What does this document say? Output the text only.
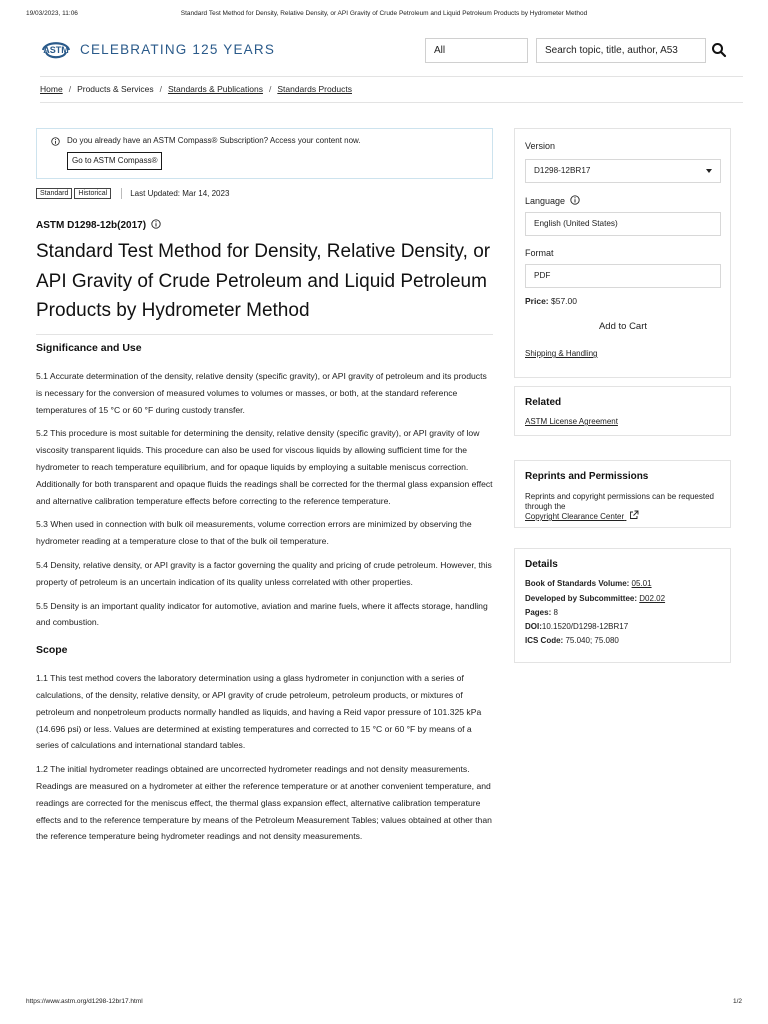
19/03/2023, 11:06	Standard Test Method for Density, Relative Density, or API Gravity of Crude Petroleum and Liquid Petroleum Products by Hydrometer Method
ASTM CELEBRATING 125 YEARS	All	Search topic, title, author, A53
Home / Products & Services / Standards & Publications / Standards Products
Do you already have an ASTM Compass® Subscription? Access your content now.
Go to ASTM Compass®
Standard Historical	Last Updated: Mar 14, 2023
ASTM D1298-12b(2017)
Standard Test Method for Density, Relative Density, or API Gravity of Crude Petroleum and Liquid Petroleum Products by Hydrometer Method
Significance and Use

5.1 Accurate determination of the density, relative density (specific gravity), or API gravity of petroleum and its products is necessary for the conversion of measured volumes to volumes or masses, or both, at the standard reference temperatures of 15 °C or 60 °F during custody transfer.

5.2 This procedure is most suitable for determining the density, relative density (specific gravity), or API gravity of low viscosity transparent liquids. This procedure can also be used for viscous liquids by allowing sufficient time for the hydrometer to reach temperature equilibrium, and for opaque liquids by employing a suitable meniscus correction. Additionally for both transparent and opaque fluids the readings shall be corrected for the thermal glass expansion effect and alternative calibration temperature effects before correcting to the reference temperature.

5.3 When used in connection with bulk oil measurements, volume correction errors are minimized by observing the hydrometer reading at a temperature close to that of the bulk oil temperature.

5.4 Density, relative density, or API gravity is a factor governing the quality and pricing of crude petroleum. However, this property of petroleum is an uncertain indication of its quality unless correlated with other properties.

5.5 Density is an important quality indicator for automotive, aviation and marine fuels, where it affects storage, handling and combustion.

Scope

1.1 This test method covers the laboratory determination using a glass hydrometer in conjunction with a series of calculations, of the density, relative density, or API gravity of crude petroleum, petroleum products, or mixtures of petroleum and nonpetroleum products normally handled as liquids, and having a Reid vapor pressure of 101.325 kPa (14.696 psi) or less. Values are determined at existing temperatures and corrected to 15 °C or 60 °F by means of a series of calculations and international standard tables.

1.2 The initial hydrometer readings obtained are uncorrected hydrometer readings and not density measurements. Readings are measured on a hydrometer at either the reference temperature or at another convenient temperature, and readings are corrected for the meniscus effect, the thermal glass expansion effect, alternative calibration temperature effects and to the reference temperature by means of the Petroleum Measurement Tables; values obtained at other than the reference temperature being hydrometer readings and not density measurements.

Version
D1298-12BR17
Language
English (United States)
Format
PDF
Price: $57.00
Add to Cart
Shipping & Handling
Related
ASTM License Agreement
Reprints and Permissions
Reprints and copyright permissions can be requested through the
Copyright Clearance Center
Details
Book of Standards Volume: 05.01
Developed by Subcommittee: D02.02
Pages: 8
DOI:10.1520/D1298-12BR17
ICS Code: 75.040; 75.080
https://www.astm.org/d1298-12br17.html	1/2
